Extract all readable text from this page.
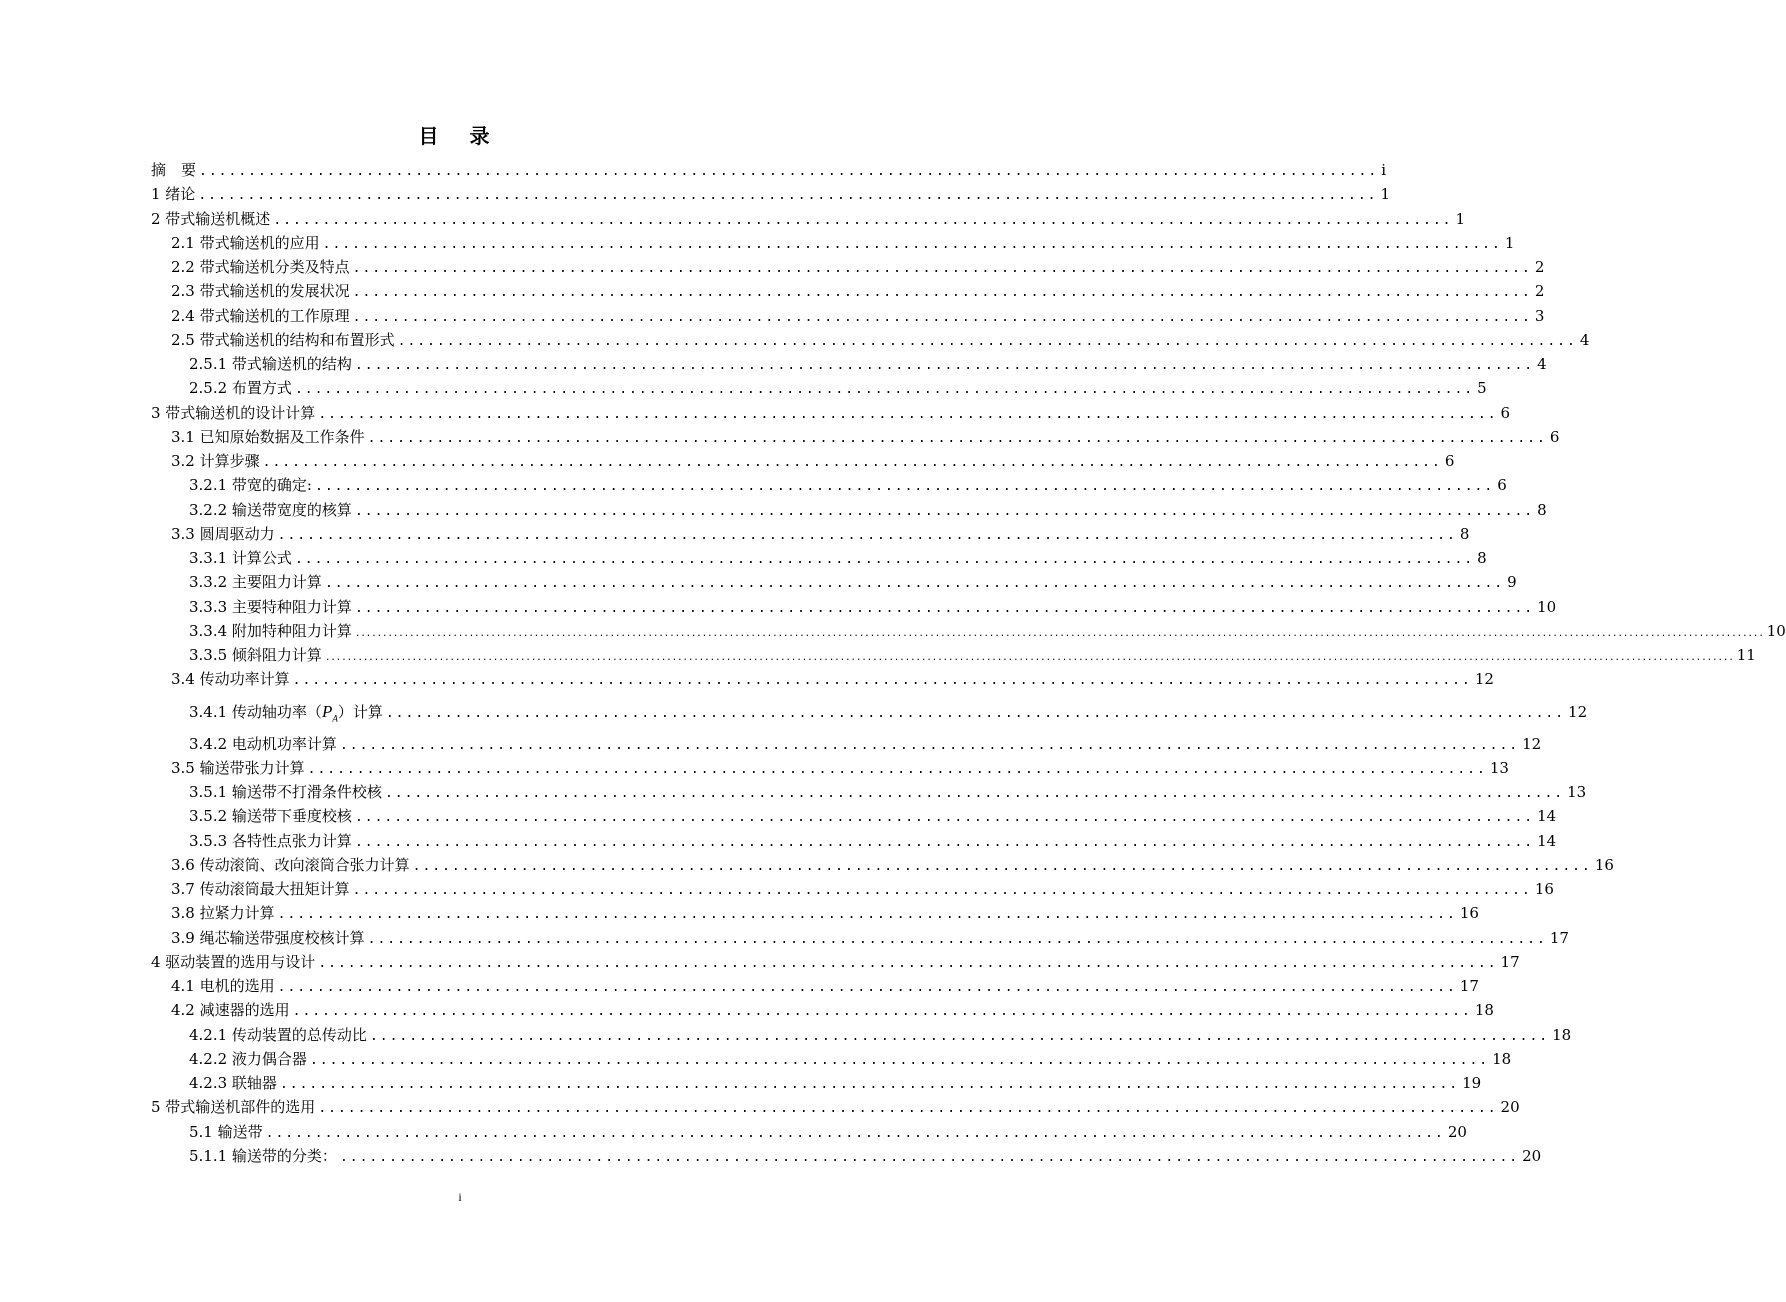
目 录
摘　要 ........................................................................................................................ i
1 绪论 ........................................................................................................................ 1
2 带式输送机概述 ........................................................................................................................ 1
2.1 带式输送机的应用 ........................................................................................................................ 1
2.2 带式输送机分类及特点 ........................................................................................................................ 2
2.3 带式输送机的发展状况 ........................................................................................................................ 2
2.4 带式输送机的工作原理 ........................................................................................................................ 3
2.5 带式输送机的结构和布置形式 ........................................................................................................................ 4
2.5.1 带式输送机的结构 ........................................................................................................................ 4
2.5.2 布置方式 ........................................................................................................................ 5
3 带式输送机的设计计算 ........................................................................................................................ 6
3.1 已知原始数据及工作条件 ........................................................................................................................ 6
3.2 计算步骤 ........................................................................................................................ 6
3.2.1 带宽的确定: ........................................................................................................................ 6
3.2.2 输送带宽度的核算 ........................................................................................................................ 8
3.3 圆周驱动力 ........................................................................................................................ 8
3.3.1 计算公式 ........................................................................................................................ 8
3.3.2 主要阻力计算 ........................................................................................................................ 9
3.3.3 主要特种阻力计算 ........................................................................................................................ 10
3.3.4 附加特种阻力计算 .................................................................................................................................................................................................................................................................... 10
3.3.5 倾斜阻力计算 .................................................................................................................................................................................................................................................................... 11
3.4 传动功率计算 ........................................................................................................................ 12
3.4.1 传动轴功率$(P_A)$计算 ........................................................................................................................ 12
3.4.2 电动机功率计算 ........................................................................................................................ 12
3.5 输送带张力计算 ........................................................................................................................ 13
3.5.1 输送带不打滑条件校核 ........................................................................................................................ 13
3.5.2 输送带下垂度校核 ........................................................................................................................ 14
3.5.3 各特性点张力计算 ........................................................................................................................ 14
3.6 传动滚筒、改向滚筒合张力计算 ........................................................................................................................ 16
3.7 传动滚筒最大扭矩计算 ........................................................................................................................ 16
3.8 拉紧力计算 ........................................................................................................................ 16
3.9 绳芯输送带强度校核计算 ........................................................................................................................ 17
4 驱动装置的选用与设计 ........................................................................................................................ 17
4.1 电机的选用 ........................................................................................................................ 17
4.2 减速器的选用 ........................................................................................................................ 18
4.2.1 传动装置的总传动比 ........................................................................................................................ 18
4.2.2 液力偶合器 ........................................................................................................................ 18
4.2.3 联轴器 ........................................................................................................................ 19
5 带式输送机部件的选用 ........................................................................................................................ 20
5.1 输送带 ........................................................................................................................ 20
5.1.1 输送带的分类： ........................................................................................................................ 20
i
